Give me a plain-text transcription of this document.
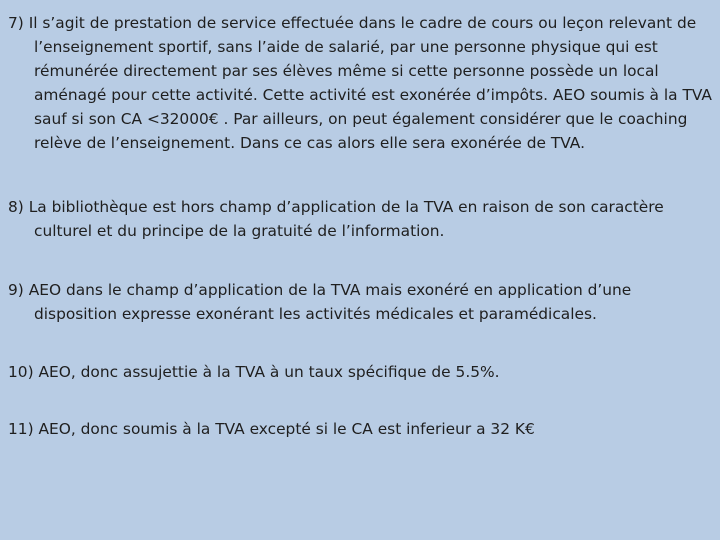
7) Il s’agit de prestation de service effectuée dans le cadre de cours ou leçon relevant de l’enseignement sportif, sans l’aide de salarié, par une personne physique qui est rémunérée directement par ses élèves même si cette personne possède un local aménagé pour cette activité. Cette activité est exonérée d’impôts. AEO soumis à la TVA sauf si son CA <32000€ . Par ailleurs, on peut également considérer que le coaching relève de l’enseignement. Dans ce cas alors elle sera exonérée de TVA.
8) La bibliothèque est hors champ d’application de la TVA en raison de son caractère culturel et du principe de la gratuité de l’information.
9) AEO dans le champ d’application de la TVA mais exonéré en application d’une disposition expresse exonérant les activités médicales et paramédicales.
10) AEO, donc assujettie à la TVA à un taux spécifique de 5.5%.
11) AEO, donc soumis à la TVA excepté si le CA est inferieur a 32 K€
